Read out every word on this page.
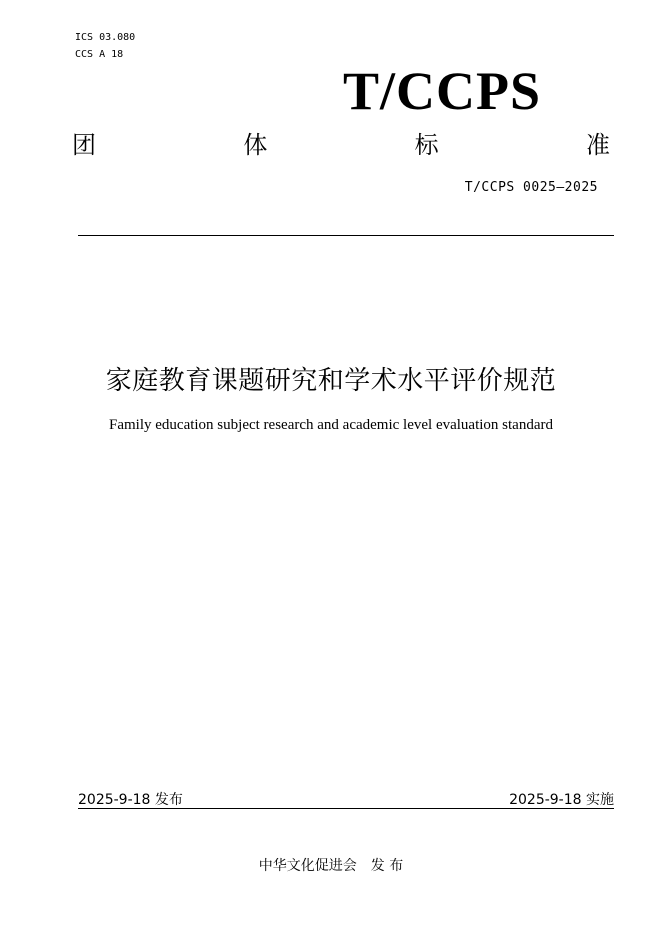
ICS 03.080
CCS A 18
T/CCPS
团	体	标	准
T/CCPS 0025—2025
家庭教育课题研究和学术水平评价规范
Family education subject research and academic level evaluation standard
2025-9-18 发布	2025-9-18 实施
中华文化促进会　发 布
